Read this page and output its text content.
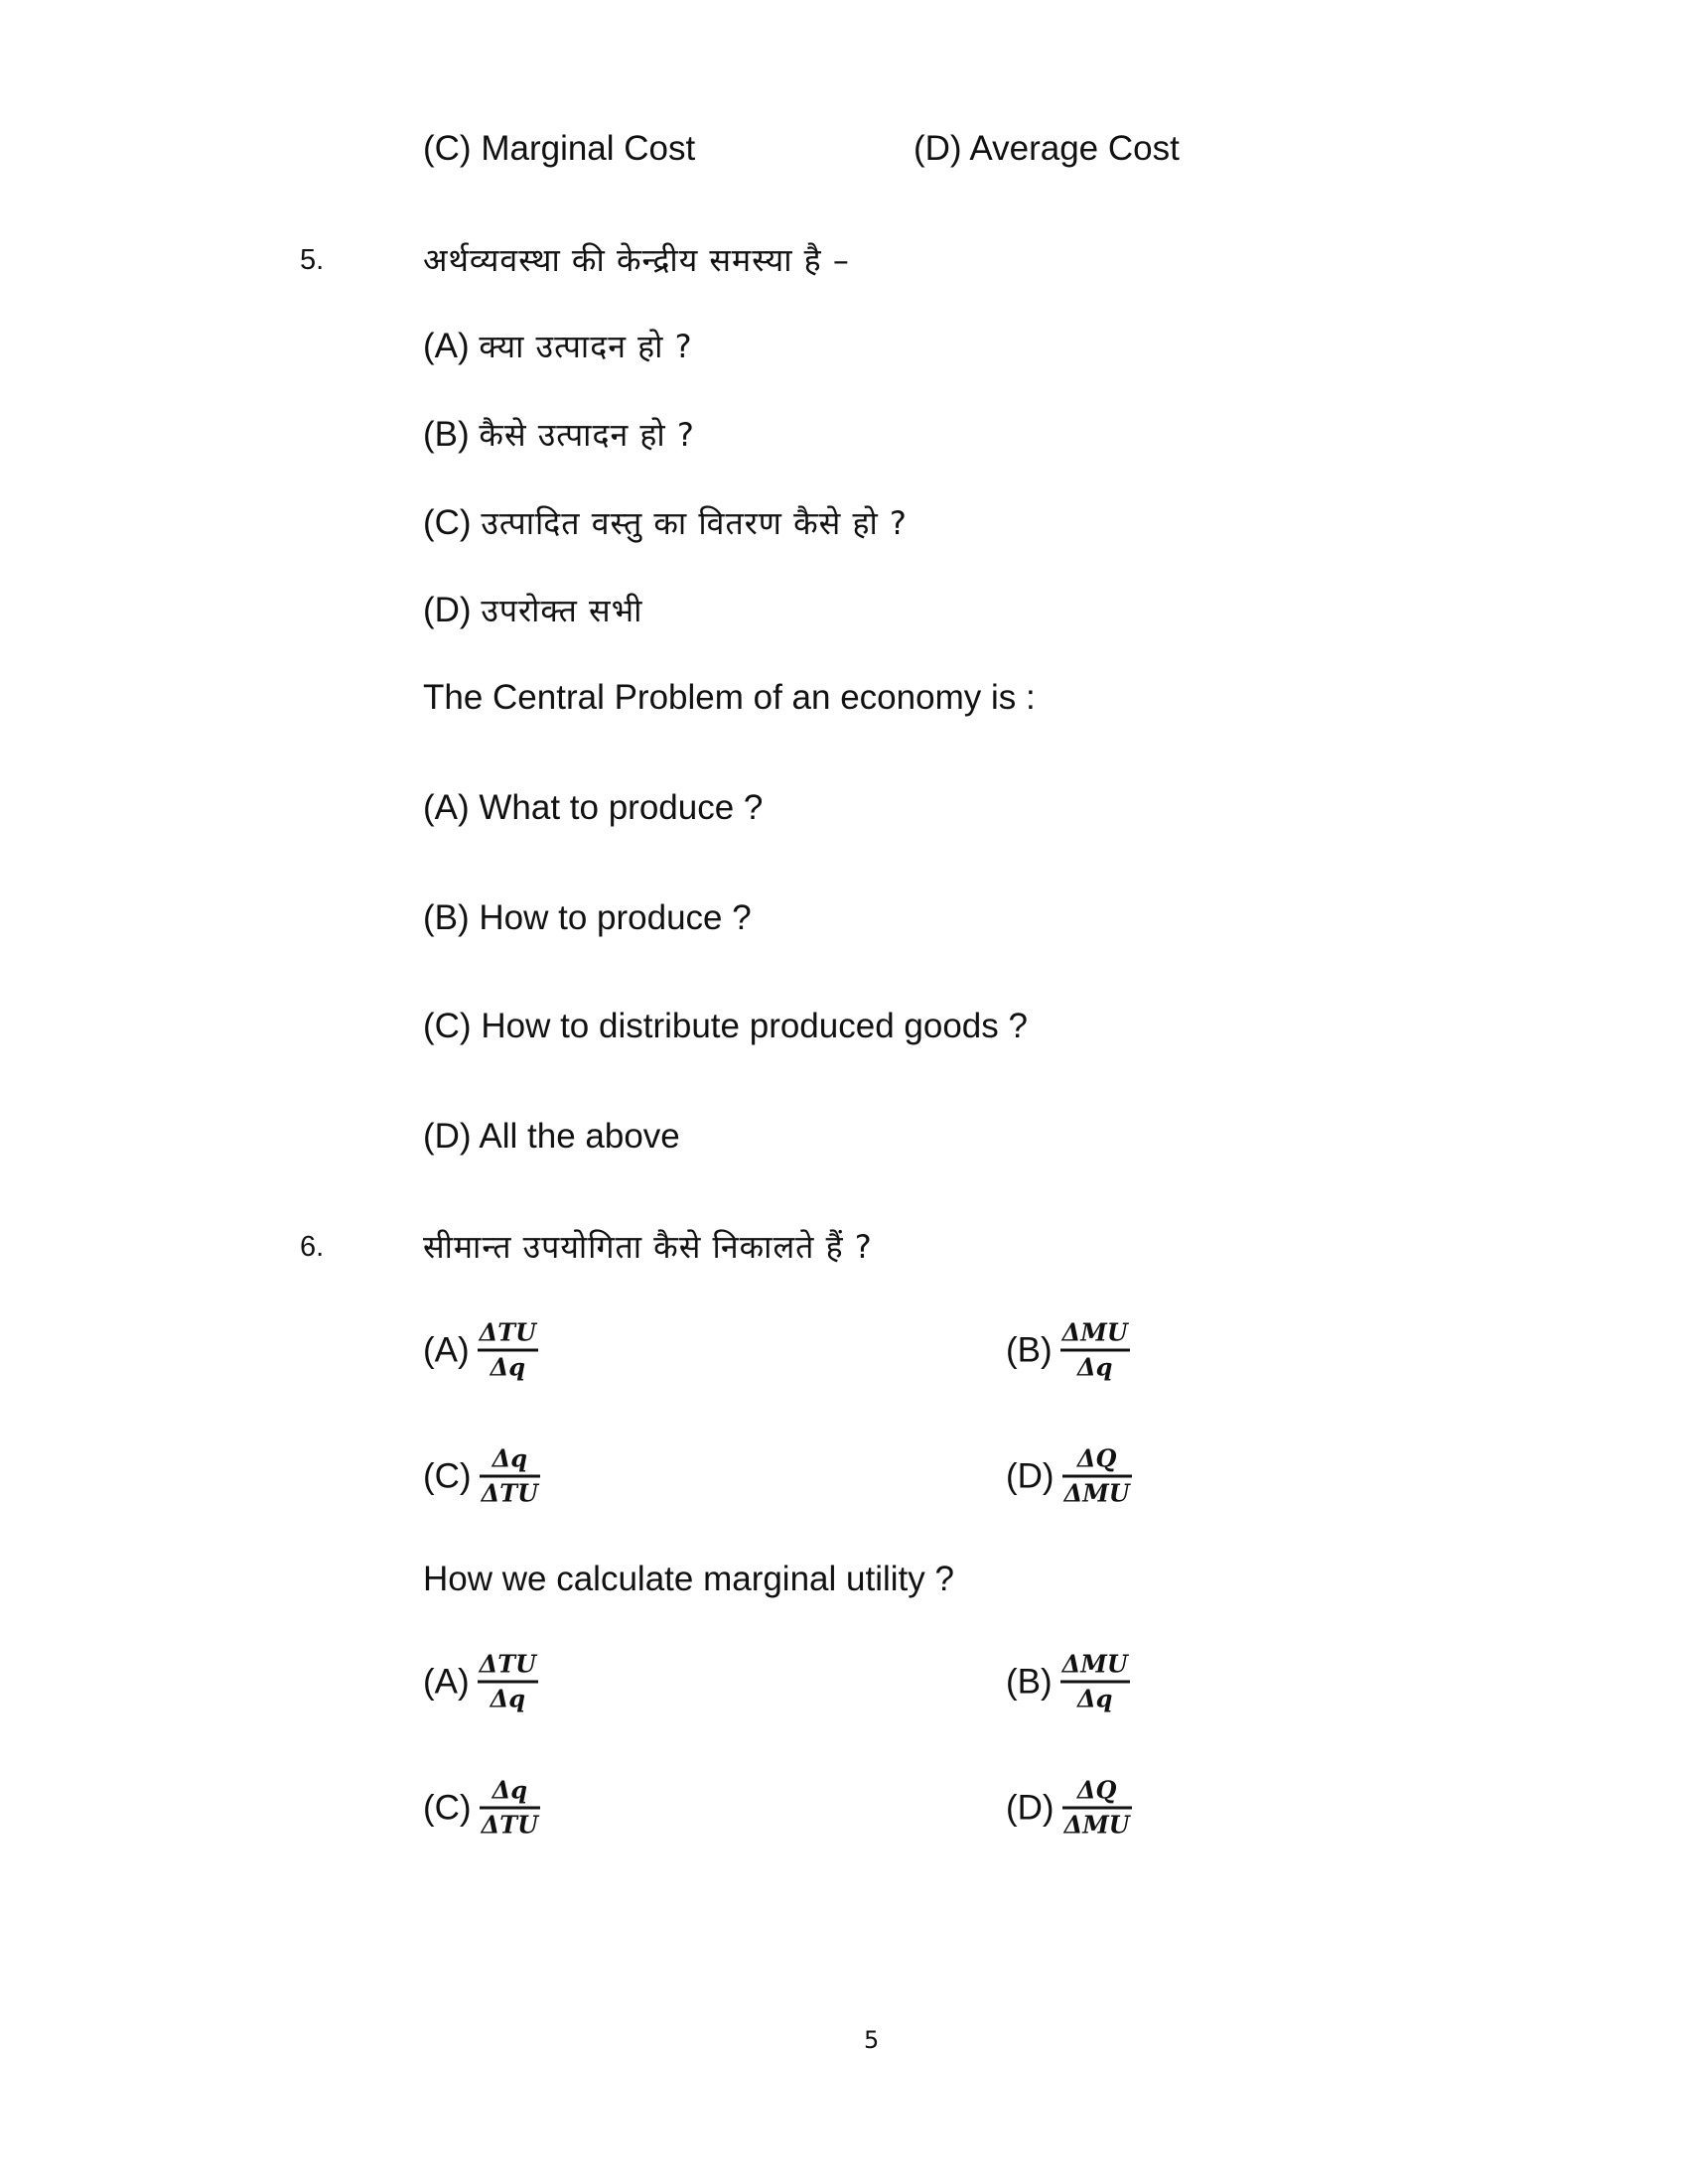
(C) Marginal Cost	(D) Average Cost
5.	अर्थव्यवस्था की केन्द्रीय समस्या है –
(A) क्या उत्पादन हो ?
(B) कैसे उत्पादन हो ?
(C) उत्पादित वस्तु का वितरण कैसे हो ?
(D) उपरोक्त सभी
The Central Problem of an economy is :
(A) What to produce ?
(B) How to produce ?
(C) How to distribute produced goods ?
(D) All the above
6.	सीमान्त उपयोगिता कैसे निकालते हैं ?
$(A) \frac{\text{ΔTU}}{\Delta q}$	$(B) \frac{\text{ΔMU}}{\Delta q}$
$(C) \frac{\Delta q}{\text{ΔTU}}$	$(D) \frac{\Delta Q}{\text{ΔMU}}$
How we calculate marginal utility ?
$(A) \frac{\text{ΔTU}}{\Delta q}$	$(B) \frac{\text{ΔMU}}{\Delta q}$
$(C) \frac{\Delta q}{\text{ΔTU}}$	$(D) \frac{\Delta Q}{\text{ΔMU}}$
5
